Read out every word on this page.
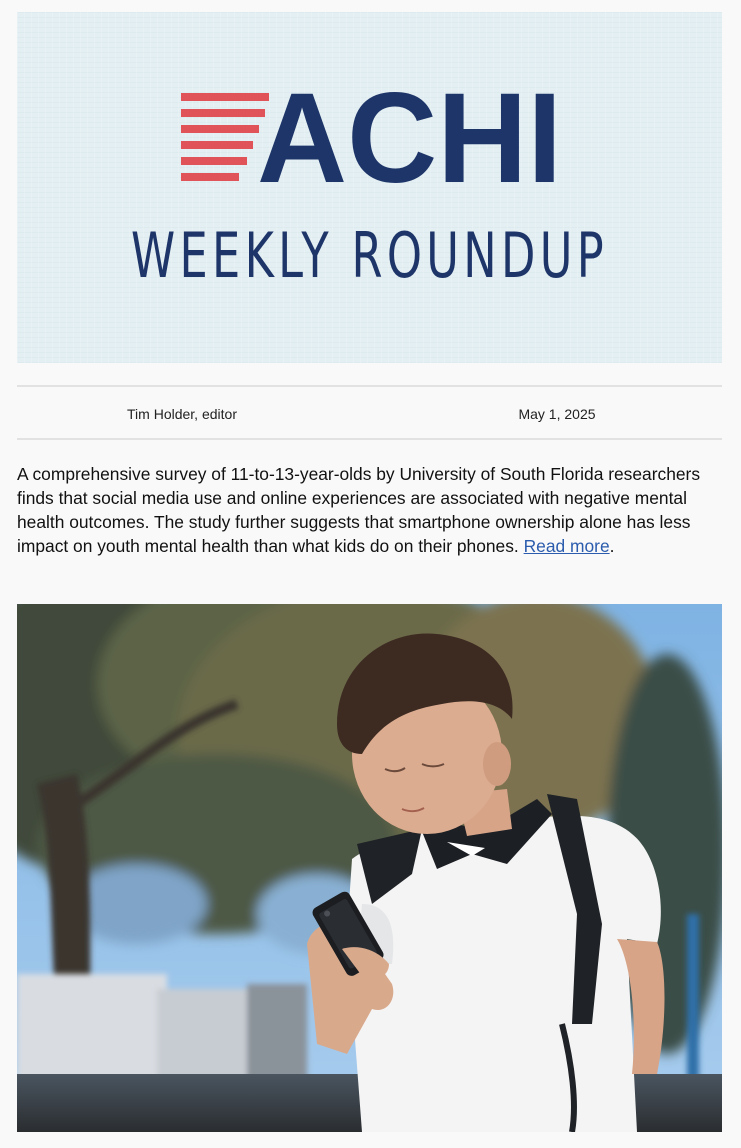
ACHI
WEEKLY ROUNDUP
Tim Holder, editor	May 1, 2025
A comprehensive survey of 11-to-13-year-olds by University of South Florida researchers finds that social media use and online experiences are associated with negative mental health outcomes. The study further suggests that smartphone ownership alone has less impact on youth mental health than what kids do on their phones. Read more.
